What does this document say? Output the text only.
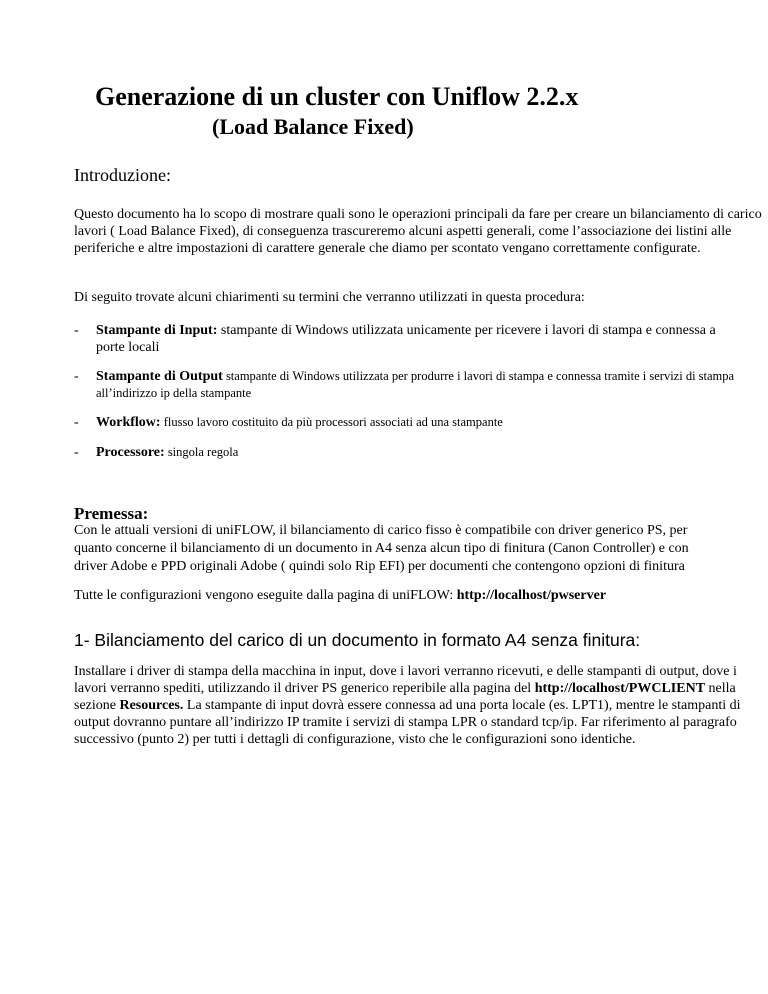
Generazione di un cluster con Uniflow 2.2.x
(Load Balance Fixed)
Introduzione:
Questo documento ha lo scopo di mostrare quali sono le operazioni principali da fare per creare un bilanciamento di carico lavori ( Load Balance Fixed), di conseguenza trascureremo alcuni aspetti generali, come l’associazione dei listini alle periferiche e altre impostazioni di carattere generale che diamo per scontato vengano correttamente configurate.
Di seguito trovate alcuni chiarimenti su termini che verranno utilizzati in questa procedura:
- Stampante di Input: stampante di Windows utilizzata unicamente per ricevere i lavori di stampa e connessa a porte locali
- Stampante di Output stampante di Windows utilizzata per produrre i lavori di stampa e connessa tramite i servizi di stampa all’indirizzo ip della stampante
- Workflow: flusso lavoro costituito da più processori associati ad una stampante
- Processore: singola regola
Premessa:
Con le attuali versioni di uniFLOW, il bilanciamento di carico fisso è compatibile con driver generico PS, per
quanto concerne il bilanciamento di un documento in A4 senza alcun tipo di finitura (Canon Controller) e con
driver Adobe e PPD originali Adobe ( quindi solo Rip EFI) per documenti che contengono opzioni di finitura
Tutte le configurazioni vengono eseguite dalla pagina di uniFLOW: http://localhost/pwserver
1- Bilanciamento del carico di un documento in formato A4 senza finitura:
Installare i driver di stampa della macchina in input, dove i lavori verranno ricevuti, e delle stampanti di output, dove i lavori verranno spediti, utilizzando il driver PS generico reperibile alla pagina del http://localhost/PWCLIENT nella sezione Resources. La stampante di input dovrà essere connessa ad una porta locale (es. LPT1), mentre le stampanti di output dovranno puntare all’indirizzo IP tramite i servizi di stampa LPR o standard tcp/ip. Far riferimento al paragrafo successivo (punto 2) per tutti i dettagli di configurazione, visto che le configurazioni sono identiche.
